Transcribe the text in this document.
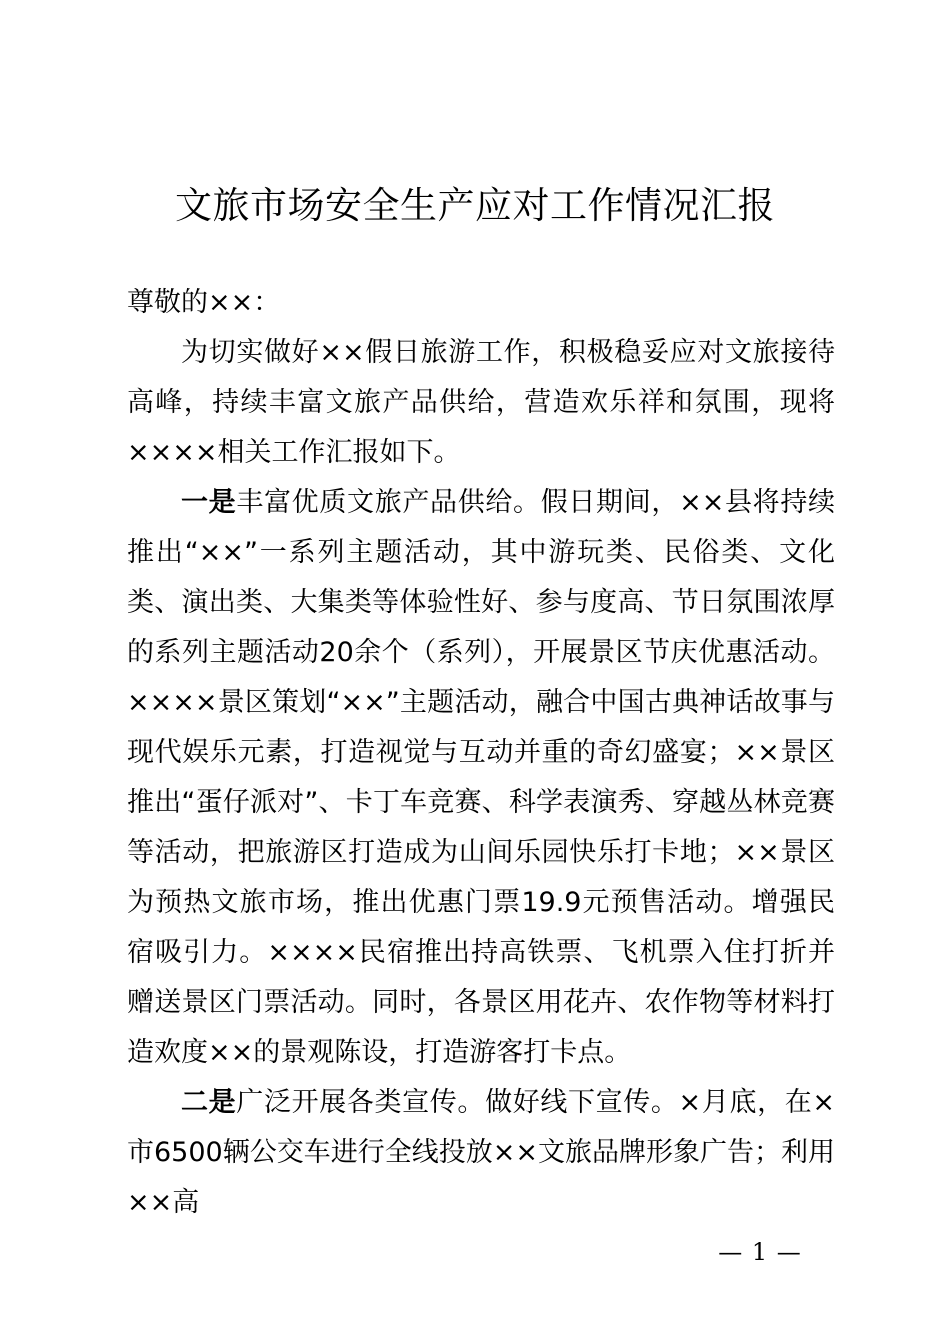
文旅市场安全生产应对工作情况汇报

尊敬的××：

为切实做好××假日旅游工作，积极稳妥应对文旅接待高峰，持续丰富文旅产品供给，营造欢乐祥和氛围，现将××××相关工作汇报如下。

一是丰富优质文旅产品供给。假日期间，××县将持续推出“××”一系列主题活动，其中游玩类、民俗类、文化类、演出类、大集类等体验性好、参与度高、节日氛围浓厚的系列主题活动20余个（系列），开展景区节庆优惠活动。××××景区策划“××”主题活动，融合中国古典神话故事与现代娱乐元素，打造视觉与互动并重的奇幻盛宴；××景区推出“蛋仔派对”、卡丁车竞赛、科学表演秀、穿越丛林竞赛等活动，把旅游区打造成为山间乐园快乐打卡地；××景区为预热文旅市场，推出优惠门票19.9元预售活动。增强民宿吸引力。××××民宿推出持高铁票、飞机票入住打折并赠送景区门票活动。同时，各景区用花卉、农作物等材料打造欢度××的景观陈设，打造游客打卡点。

二是广泛开展各类宣传。做好线下宣传。×月底，在×市6500辆公交车进行全线投放××文旅品牌形象广告；利用××高

— 1 —
